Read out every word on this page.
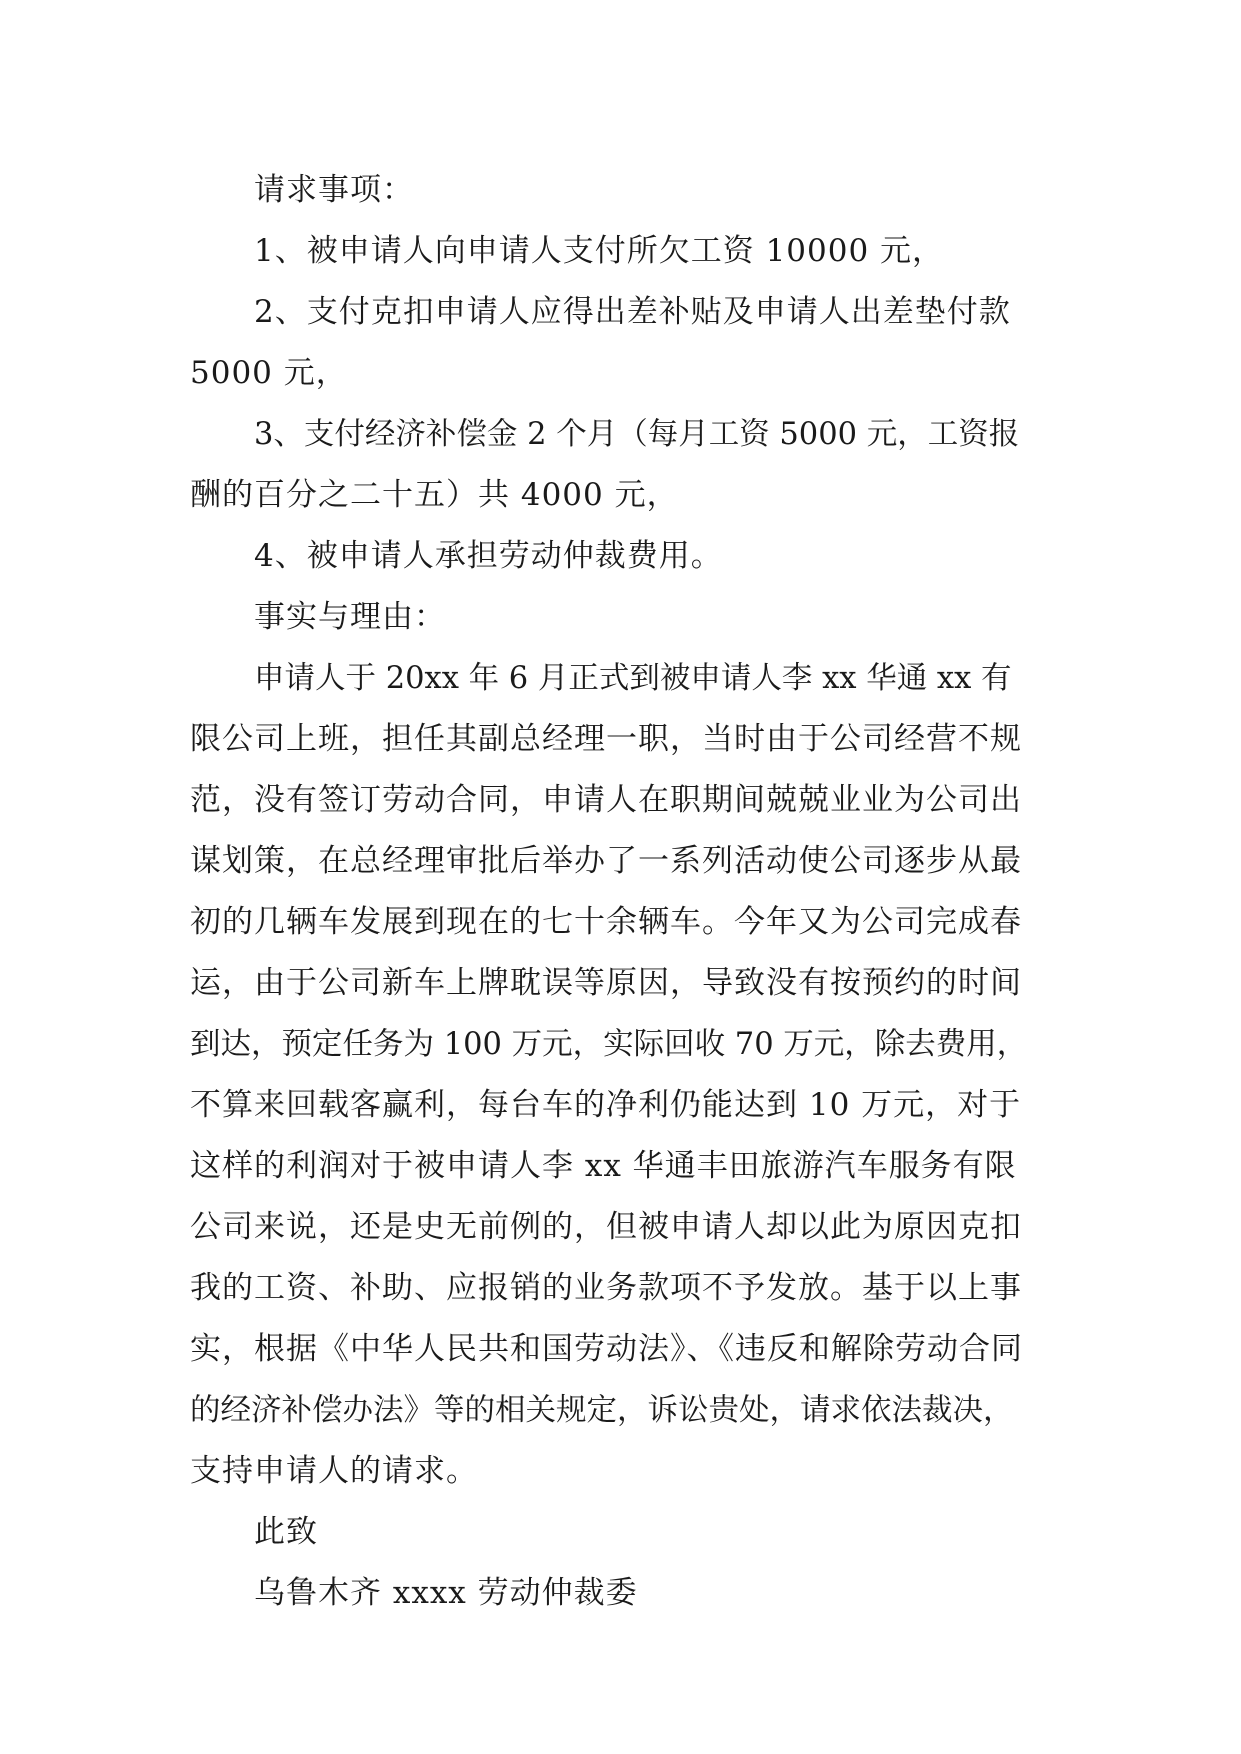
请求事项：
1、被申请人向申请人支付所欠工资 10000 元，
2、支付克扣申请人应得出差补贴及申请人出差垫付款
5000 元，
3、支付经济补偿金 2 个月（每月工资 5000 元，工资报
酬的百分之二十五）共 4000 元，
4、被申请人承担劳动仲裁费用。
事实与理由：
申请人于 20xx 年 6 月正式到被申请人李 xx 华通 xx 有
限公司上班，担任其副总经理一职，当时由于公司经营不规
范，没有签订劳动合同，申请人在职期间兢兢业业为公司出
谋划策，在总经理审批后举办了一系列活动使公司逐步从最
初的几辆车发展到现在的七十余辆车。今年又为公司完成春
运，由于公司新车上牌耽误等原因，导致没有按预约的时间
到达，预定任务为 100 万元，实际回收 70 万元，除去费用，
不算来回载客赢利，每台车的净利仍能达到 10 万元，对于
这样的利润对于被申请人李 xx 华通丰田旅游汽车服务有限
公司来说，还是史无前例的，但被申请人却以此为原因克扣
我的工资、补助、应报销的业务款项不予发放。基于以上事
实，根据《中华人民共和国劳动法》、《违反和解除劳动合同
的经济补偿办法》等的相关规定，诉讼贵处，请求依法裁决，
支持申请人的请求。
此致
乌鲁木齐 xxxx 劳动仲裁委
